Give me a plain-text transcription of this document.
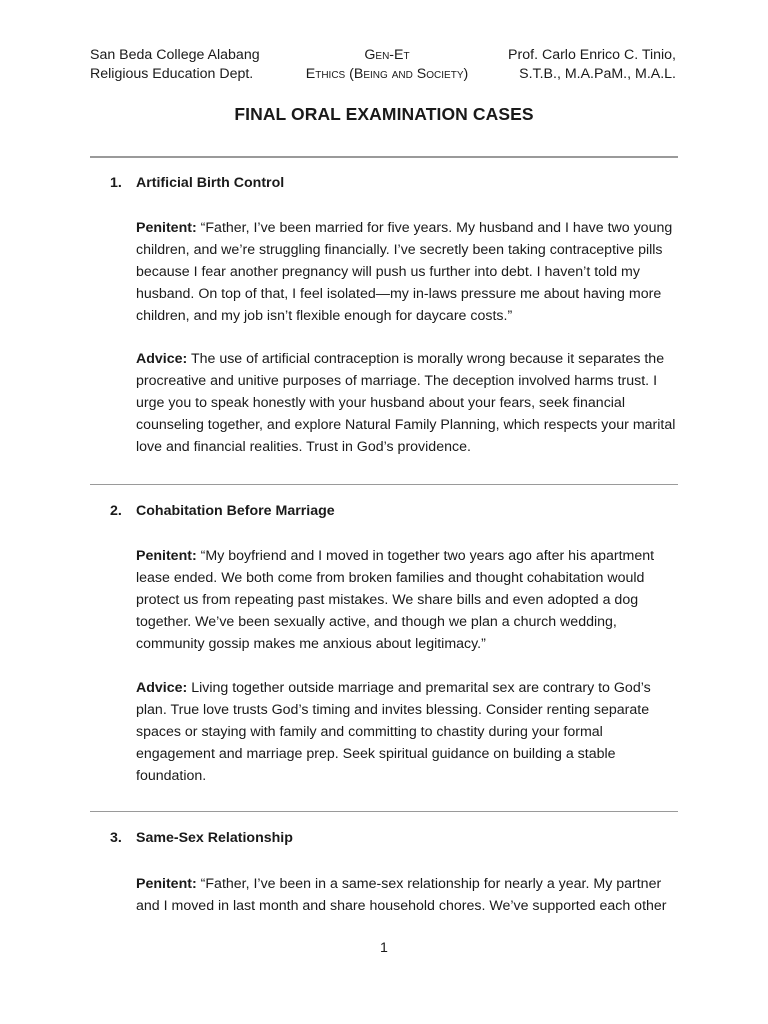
San Beda College Alabang
Religious Education Dept.
Gen-Et
Ethics (Being and Society)
Prof. Carlo Enrico C. Tinio,
S.T.B., M.A.PaM., M.A.L.
FINAL ORAL EXAMINATION CASES
1. Artificial Birth Control
Penitent: “Father, I’ve been married for five years. My husband and I have two young children, and we’re struggling financially. I’ve secretly been taking contraceptive pills because I fear another pregnancy will push us further into debt. I haven’t told my husband. On top of that, I feel isolated—my in-laws pressure me about having more children, and my job isn’t flexible enough for daycare costs.”
Advice: The use of artificial contraception is morally wrong because it separates the procreative and unitive purposes of marriage. The deception involved harms trust. I urge you to speak honestly with your husband about your fears, seek financial counseling together, and explore Natural Family Planning, which respects your marital love and financial realities. Trust in God’s providence.
2. Cohabitation Before Marriage
Penitent: “My boyfriend and I moved in together two years ago after his apartment lease ended. We both come from broken families and thought cohabitation would protect us from repeating past mistakes. We share bills and even adopted a dog together. We’ve been sexually active, and though we plan a church wedding, community gossip makes me anxious about legitimacy.”
Advice: Living together outside marriage and premarital sex are contrary to God’s plan. True love trusts God’s timing and invites blessing. Consider renting separate spaces or staying with family and committing to chastity during your formal engagement and marriage prep. Seek spiritual guidance on building a stable foundation.
3. Same-Sex Relationship
Penitent: “Father, I’ve been in a same-sex relationship for nearly a year. My partner and I moved in last month and share household chores. We’ve supported each other
1
